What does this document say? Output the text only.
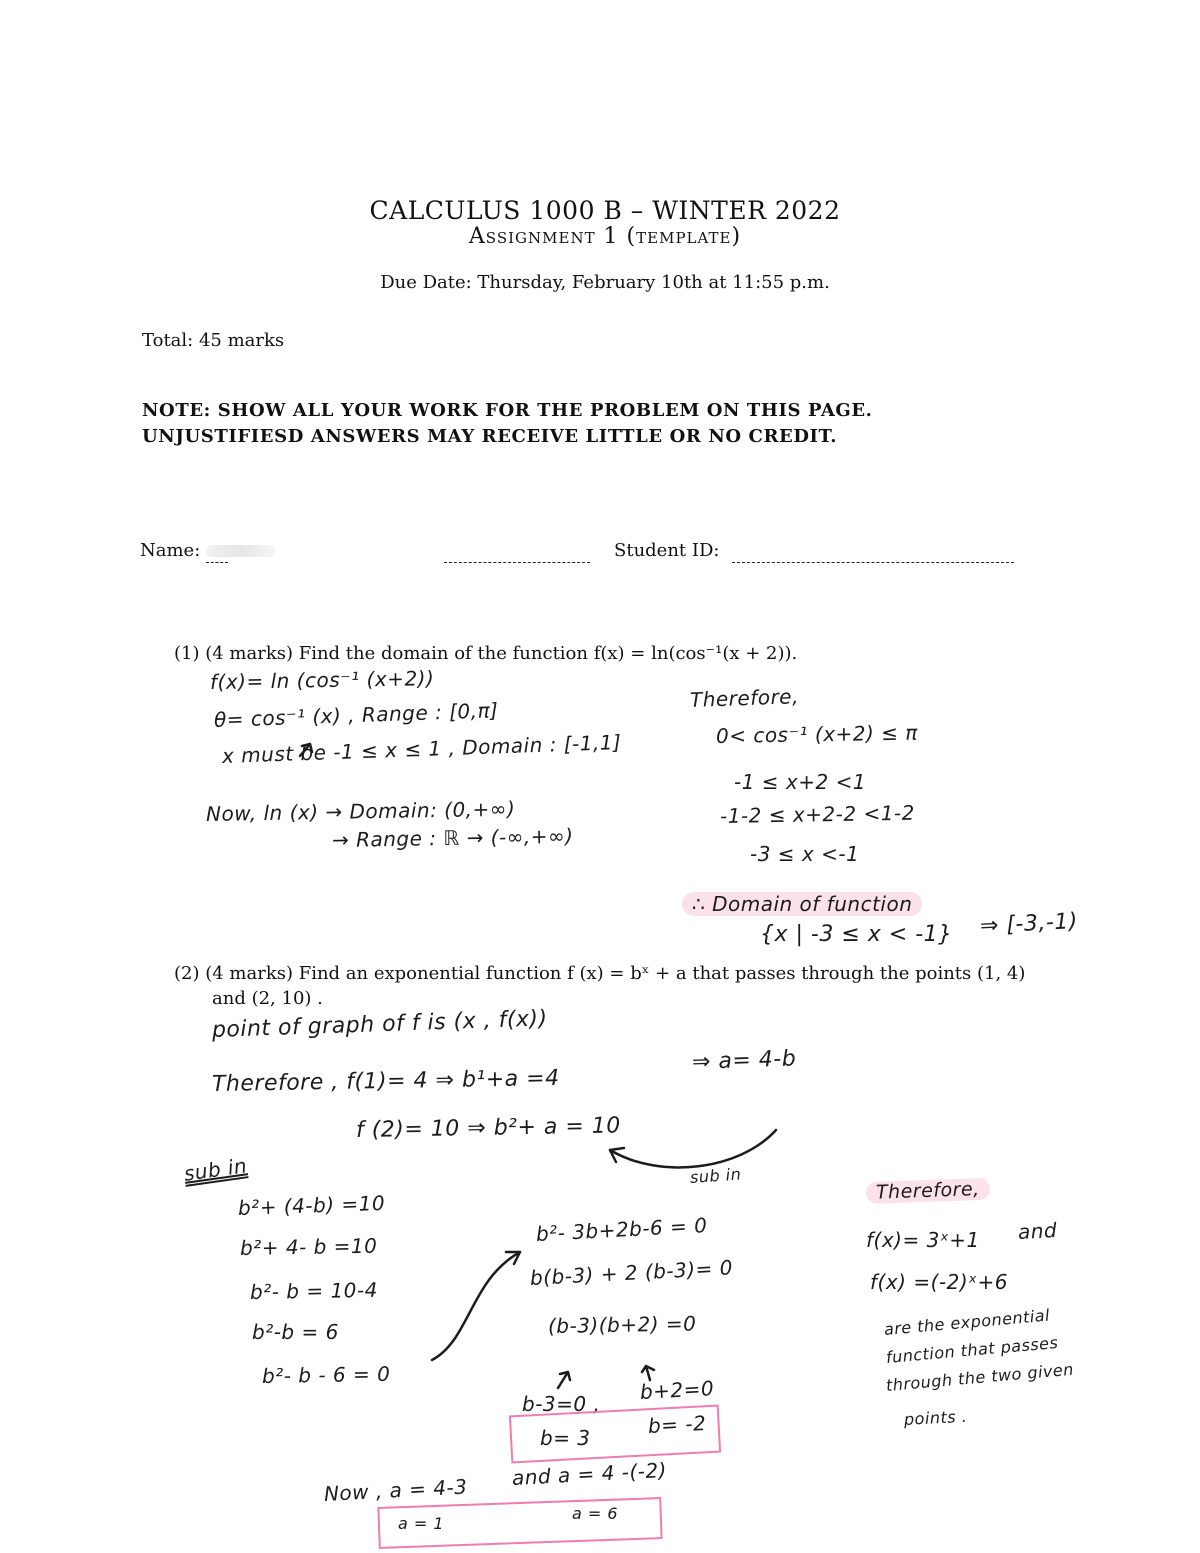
CALCULUS 1000 B – WINTER 2022
Assignment 1 (template)
Due Date: Thursday, February 10th at 11:55 p.m.
Total: 45 marks
NOTE: SHOW ALL YOUR WORK FOR THE PROBLEM ON THIS PAGE.
UNJUSTIFIESD ANSWERS MAY RECEIVE LITTLE OR NO CREDIT.
Name:	Student ID:
(1) (4 marks) Find the domain of the function f(x) = ln(cos⁻¹(x + 2)).
f(x)= ln (cos⁻¹ (x+2))
θ= cos⁻¹ (x) , Range : [0,π]
x must be -1 ≤ x ≤ 1 , Domain : [-1,1]
Now, ln (x) → Domain: (0,+∞)
→ Range : ℝ → (-∞,+∞)
Therefore,
0< cos⁻¹ (x+2) ≤ π
-1 ≤ x+2 <1
-1-2 ≤ x+2-2 <1-2
-3 ≤ x <-1
∴ Domain of function
{x | -3 ≤ x < -1} ⇒ [-3,-1)
(2) (4 marks) Find an exponential function f (x) = bˣ + a that passes through the points (1, 4)
and (2, 10) .
point of graph of f is (x , f(x))
Therefore , f(1)= 4 ⇒ b¹+a =4
⇒ a= 4-b
f (2)= 10 ⇒ b²+ a = 10
sub in
sub in
b²+ (4-b) =10
b²+ 4- b =10
b²- b = 10-4
b²-b = 6
b²- b - 6 = 0
b²- 3b+2b-6 = 0
b(b-3) + 2 (b-3)= 0
(b-3)(b+2) =0
b-3=0 ,
b+2=0
b= 3
b= -2
Now , a = 4-3
and a = 4 -(-2)
a = 1
a = 6
Therefore,
f(x)= 3ˣ+1 and
f(x) =(-2)ˣ+6
are the exponential
function that passes
through the two given
points .
